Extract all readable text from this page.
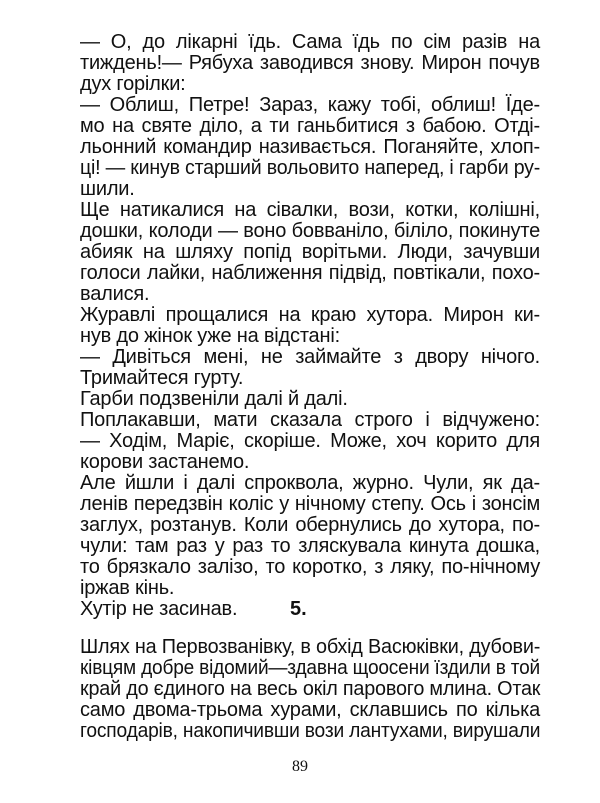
— О, до лікарні їдь. Сама їдь по сім разів на
тиждень!— Рябуха заводився знову. Мирон почув
дух горілки:
— Облиш, Петре! Зараз, кажу тобі, облиш! Їде-
мо на святе діло, а ти ганьбитися з бабою. Отді-
льонний командир називається. Поганяйте, хлоп-
ці! — кинув старший вольовито наперед, і гарби ру-
шили.
Ще натикалися на сівалки, вози, котки, колішні,
дошки, колоди — воно бовваніло, біліло, покинуте
абияк на шляху попід ворітьми. Люди, зачувши
голоси лайки, наближення підвід, повтікали, похо-
валися.
Журавлі прощалися на краю хутора. Мирон ки-
нув до жінок уже на відстані:
— Дивіться мені, не займайте з двору нічого.
Тримайтеся гурту.
Гарби подзвеніли далі й далі.
Поплакавши, мати сказала строго і відчужено:
— Ходім, Маріє, скоріше. Може, хоч корито для
корови застанемо.
Але йшли і далі спроквола, журно. Чули, як да-
ленів передзвін коліс у нічному степу. Ось і зонсім
заглух, розтанув. Коли обернулись до хутора, по-
чули: там раз у раз то зляскувала кинута дошка,
то брязкало залізо, то коротко, з ляку, по-нічному
іржав кінь.
Хутір не засинав.	5.
Шлях на Первозванівку, в обхід Васюківки, дубови-
ківцям добре відомий—здавна щоосени їздили в той
край до єдиного на весь окіл парового млина. Отак
само двома-трьома хурами, склавшись по кілька
господарів, накопичивши вози лантухами, вирушали
89
